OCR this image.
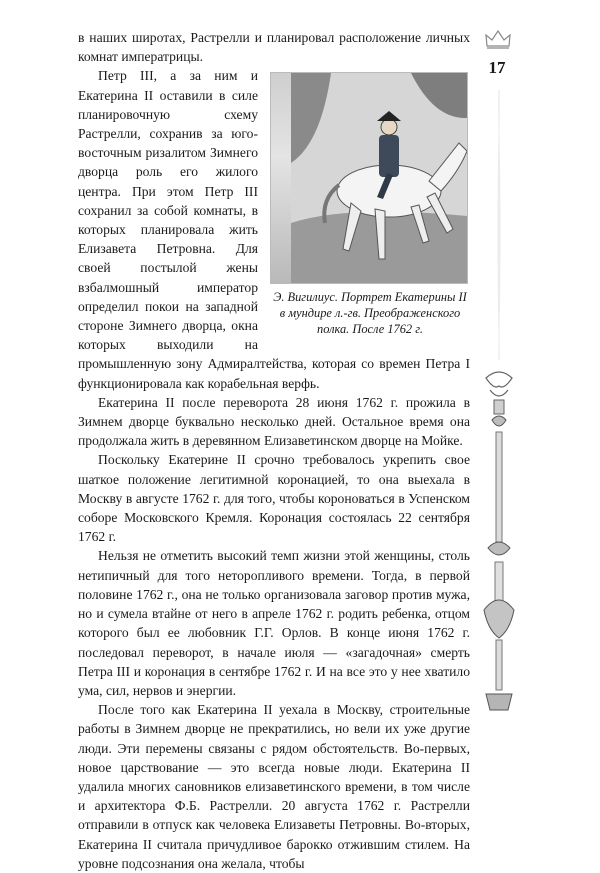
в наших широтах, Растрелли и планировал расположение личных комнат императрицы.

Э. Вигилиус. Портрет Екатерины II в мундире л.-гв. Преображенского полка. После 1762 г.
Петр III, а за ним и Екатерина II оставили в силе планировочную схему Растрелли, сохранив за юго-восточным ризалитом Зимнего дворца роль его жилого центра. При этом Петр III сохранил за собой комнаты, в которых планировала жить Елизавета Петровна. Для своей постылой жены взбалмошный император определил покои на западной стороне Зимнего дворца, окна которых выходили на промышленную зону Адмиралтейства, которая со времен Петра I функционировала как корабельная верфь.

Екатерина II после переворота 28 июня 1762 г. прожила в Зимнем дворце буквально несколько дней. Остальное время она продолжала жить в деревянном Елизаветинском дворце на Мойке.

Поскольку Екатерине II срочно требовалось укрепить свое шаткое положение легитимной коронацией, то она выехала в Москву в августе 1762 г. для того, чтобы короноваться в Успенском соборе Московского Кремля. Коронация состоялась 22 сентября 1762 г.

Нельзя не отметить высокий темп жизни этой женщины, столь нетипичный для того неторопливого времени. Тогда, в первой половине 1762 г., она не только организовала заговор против мужа, но и сумела втайне от него в апреле 1762 г. родить ребенка, отцом которого был ее любовник Г.Г. Орлов. В конце июня 1762 г. последовал переворот, в начале июля — «загадочная» смерть Петра III и коронация в сентябре 1762 г. И на все это у нее хватило ума, сил, нервов и энергии.

После того как Екатерина II уехала в Москву, строительные работы в Зимнем дворце не прекратились, но вели их уже другие люди. Эти перемены связаны с рядом обстоятельств. Во-первых, новое царствование — это всегда новые люди. Екатерина II удалила многих сановников елизаветинского времени, в том числе и архитектора Ф.Б. Растрелли. 20 августа 1762 г. Растрелли отправили в отпуск как человека Елизаветы Петровны. Во-вторых, Екатерина II считала причудливое барокко отжившим стилем. На уровне подсознания она желала, чтобы

17
